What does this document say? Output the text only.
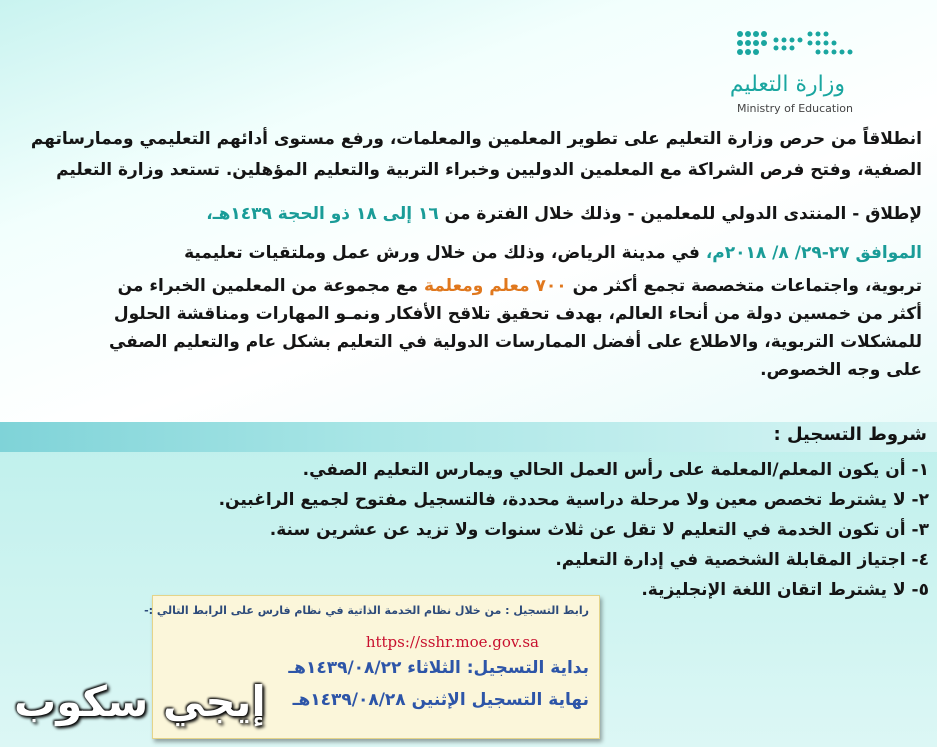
وزارة التعليم
Ministry of Education
انطلاقاً من حرص وزارة التعليم على تطوير المعلمين والمعلمات، ورفع مستوى أدائهم التعليمي وممارساتهم
الصفية، وفتح فرص الشراكة مع المعلمين الدوليين وخبراء التربية والتعليم المؤهلين. تستعد وزارة التعليم
لإطلاق - المنتدى الدولي للمعلمين - وذلك خلال الفترة من ١٦ إلى ١٨ ذو الحجة ١٤٣٩هـ،
الموافق ٢٧-٢٩/ ٨/ ٢٠١٨م، في مدينة الرياض، وذلك من خلال ورش عمل وملتقيات تعليمية
تربوية، واجتماعات متخصصة تجمع أكثر من ٧٠٠ معلم ومعلمة مع مجموعة من المعلمين الخبراء من
أكثر من خمسين دولة من أنحاء العالم، بهدف تحقيق تلاقح الأفكار ونمـو المهارات ومناقشة الحلول
للمشكلات التربوية، والاطلاع على أفضل الممارسات الدولية في التعليم بشكل عام والتعليم الصفي
على وجه الخصوص.
شروط التسجيل :
١- أن يكون المعلم/المعلمة على رأس العمل الحالي ويمارس التعليم الصفي.
٢- لا يشترط تخصص معين ولا مرحلة دراسية محددة، فالتسجيل مفتوح لجميع الراغبين.
٣- أن تكون الخدمة في التعليم لا تقل عن ثلاث سنوات ولا تزيد عن عشرين سنة.
٤- اجتياز المقابلة الشخصية في إدارة التعليم.
٥- لا يشترط اتقان اللغة الإنجليزية.
رابط التسجيل : من خلال نظام الخدمة الذاتية في نظام فارس على الرابط التالي :-
https://sshr.moe.gov.sa
بداية التسجيل: الثلاثاء ١٤٣٩/٠٨/٢٢هـ
نهاية التسجيل الإثنين ١٤٣٩/٠٨/٢٨هـ
إيجي سكوب
